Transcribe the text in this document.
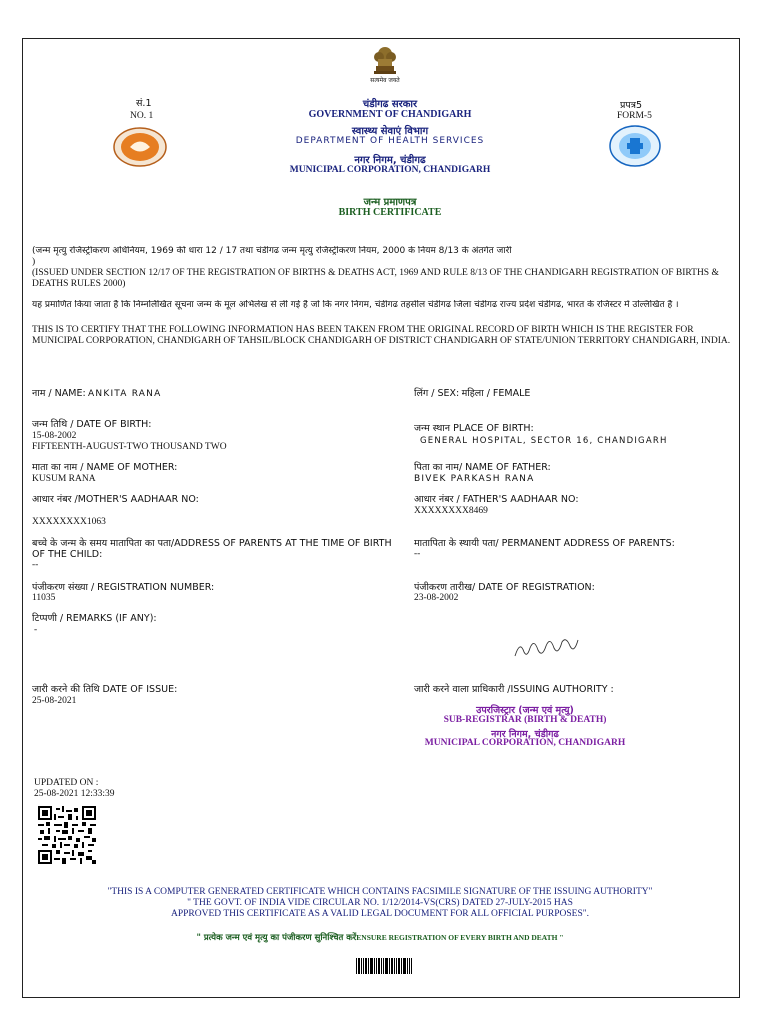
सत्यमेव जयते
सं.1
NO. 1
प्रपत्र5
FORM-5
चंडीगढ सरकार
GOVERNMENT OF CHANDIGARH
स्वास्थ्य सेवाएं विभाग
DEPARTMENT OF HEALTH SERVICES
नगर निगम, चंडीगढ
MUNICIPAL CORPORATION, CHANDIGARH
जन्म प्रमाणपत्र
BIRTH CERTIFICATE
(जन्म मृत्यु रजिस्ट्रीकरण अधिनियम, 1969 की धारा 12 / 17 तथा चंडीगढ जन्म मृत्यु रजिस्ट्रीकरण नियम, 2000 के नियम 8/13 के अंतर्गत जारी
)
(ISSUED UNDER SECTION 12/17 OF THE REGISTRATION OF BIRTHS & DEATHS ACT, 1969 AND RULE 8/13 OF THE CHANDIGARH REGISTRATION OF BIRTHS & DEATHS RULES 2000)
यह प्रमाणित किया जाता है कि निम्नलिखित सूचना जन्म के मूल अभिलेख से ली गई है जो कि नगर निगम, चंडीगढ तहसील चंडीगढ जिला चंडीगढ राज्य प्रदेश चंडीगढ, भारत के रजिस्टर में उल्लिखित है ।
THIS IS TO CERTIFY THAT THE FOLLOWING INFORMATION HAS BEEN TAKEN FROM THE ORIGINAL RECORD OF BIRTH WHICH IS THE REGISTER FOR MUNICIPAL CORPORATION, CHANDIGARH OF TAHSIL/BLOCK CHANDIGARH OF DISTRICT CHANDIGARH OF STATE/UNION TERRITORY CHANDIGARH, INDIA.
नाम / NAME: ANKITA RANA	लिंग / SEX: महिला / FEMALE
जन्म तिथि / DATE OF BIRTH:
15-08-2002
FIFTEENTH-AUGUST-TWO THOUSAND TWO
जन्म स्थान PLACE OF BIRTH:
GENERAL HOSPITAL, SECTOR 16, CHANDIGARH
माता का नाम / NAME OF MOTHER:
KUSUM RANA
पिता का नाम/ NAME OF FATHER:
BIVEK PARKASH RANA
आधार नंबर /MOTHER'S AADHAAR NO:
XXXXXXXX1063
आधार नंबर / FATHER'S AADHAAR NO:
XXXXXXXX8469
बच्चे के जन्म के समय मातापिता का पता/ADDRESS OF PARENTS AT THE TIME OF BIRTH OF THE CHILD:
--
मातापिता के स्थायी पता/ PERMANENT ADDRESS OF PARENTS:
--
पंजीकरण संख्या / REGISTRATION NUMBER:
11035
पंजीकरण तारीख/ DATE OF REGISTRATION:
23-08-2002
टिप्पणी / REMARKS (IF ANY):
-
जारी करने की तिथि DATE OF ISSUE:
25-08-2021
जारी करने वाला प्राधिकारी /ISSUING AUTHORITY :
उपरजिस्ट्रार (जन्म एवं मृत्यु)
SUB-REGISTRAR (BIRTH & DEATH)
नगर निगम, चंडीगढ
MUNICIPAL CORPORATION, CHANDIGARH
UPDATED ON :
25-08-2021 12:33:39
"THIS IS A COMPUTER GENERATED CERTIFICATE WHICH CONTAINS FACSIMILE SIGNATURE OF THE ISSUING AUTHORITY"
" THE GOVT. OF INDIA VIDE CIRCULAR NO. 1/12/2014-VS(CRS) DATED 27-JULY-2015 HAS
APPROVED THIS CERTIFICATE AS A VALID LEGAL DOCUMENT FOR ALL OFFICIAL PURPOSES".
" प्रत्येक जन्म एवं मृत्यु का पंजीकरण सुनिश्चित करेंENSURE REGISTRATION OF EVERY BIRTH AND DEATH "
